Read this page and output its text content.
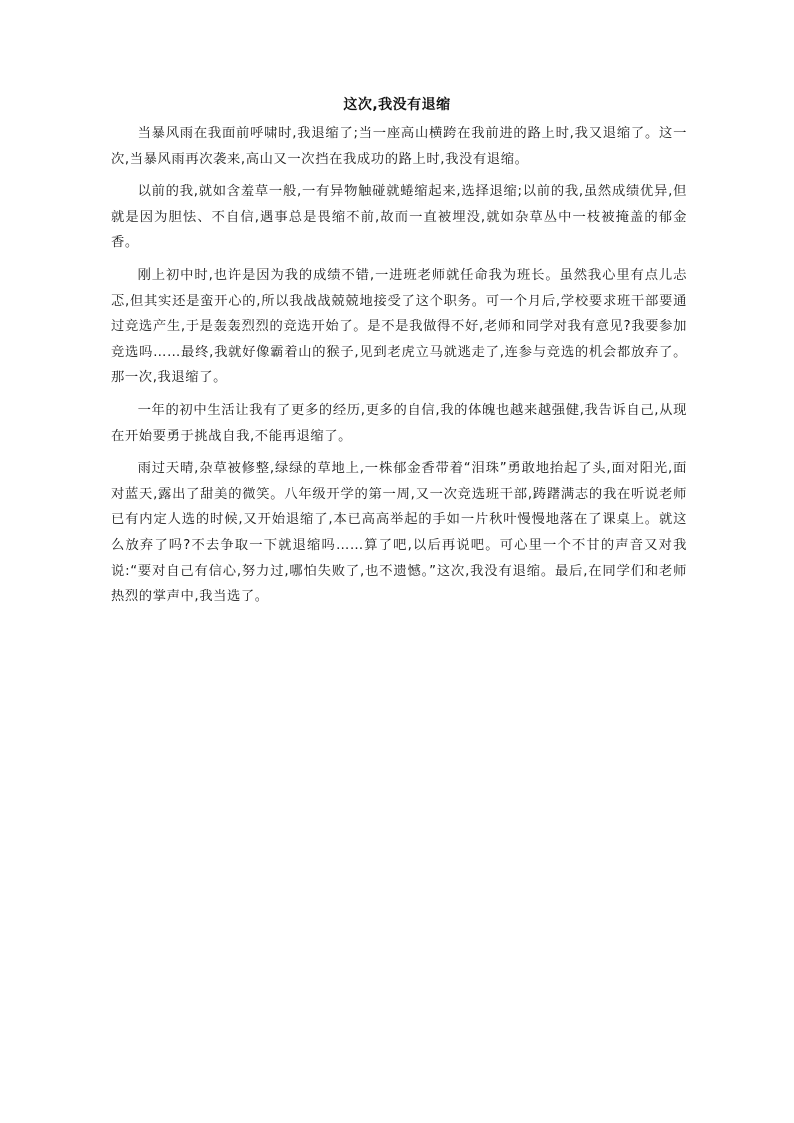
这次,我没有退缩

当暴风雨在我面前呼啸时,我退缩了;当一座高山横跨在我前进的路上时,我又退缩了。这一次,当暴风雨再次袭来,高山又一次挡在我成功的路上时,我没有退缩。

以前的我,就如含羞草一般,一有异物触碰就蜷缩起来,选择退缩;以前的我,虽然成绩优异,但就是因为胆怯、不自信,遇事总是畏缩不前,故而一直被埋没,就如杂草丛中一枝被掩盖的郁金香。

刚上初中时,也许是因为我的成绩不错,一进班老师就任命我为班长。虽然我心里有点儿忐忑,但其实还是蛮开心的,所以我战战兢兢地接受了这个职务。可一个月后,学校要求班干部要通过竞选产生,于是轰轰烈烈的竞选开始了。是不是我做得不好,老师和同学对我有意见?我要参加竞选吗……最终,我就好像霸着山的猴子,见到老虎立马就逃走了,连参与竞选的机会都放弃了。那一次,我退缩了。

一年的初中生活让我有了更多的经历,更多的自信,我的体魄也越来越强健,我告诉自己,从现在开始要勇于挑战自我,不能再退缩了。

雨过天晴,杂草被修整,绿绿的草地上,一株郁金香带着“泪珠”勇敢地抬起了头,面对阳光,面对蓝天,露出了甜美的微笑。八年级开学的第一周,又一次竞选班干部,踌躇满志的我在听说老师已有内定人选的时候,又开始退缩了,本已高高举起的手如一片秋叶慢慢地落在了课桌上。就这么放弃了吗?不去争取一下就退缩吗……算了吧,以后再说吧。可心里一个不甘的声音又对我说:“要对自己有信心,努力过,哪怕失败了,也不遗憾。”这次,我没有退缩。最后,在同学们和老师热烈的掌声中,我当选了。
